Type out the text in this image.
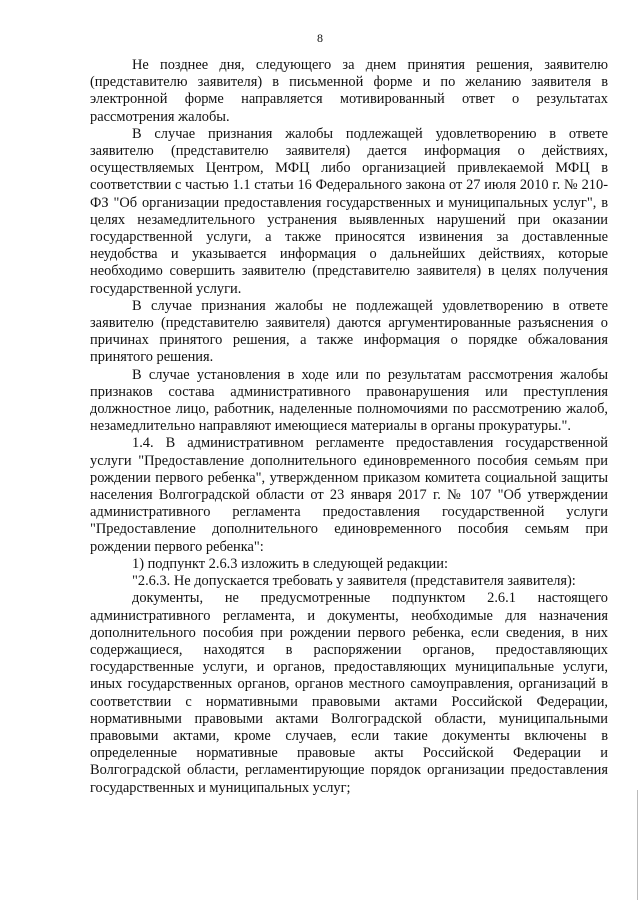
8

Не позднее дня, следующего за днем принятия решения, заявителю (представителю заявителя) в письменной форме и по желанию заявителя в электронной форме направляется мотивированный ответ о результатах рассмотрения жалобы.

В случае признания жалобы подлежащей удовлетворению в ответе заявителю (представителю заявителя) дается информация о действиях, осуществляемых Центром, МФЦ либо организацией привлекаемой МФЦ в соответствии с частью 1.1 статьи 16 Федерального закона от 27 июля 2010 г. № 210-ФЗ "Об организации предоставления государственных и муниципальных услуг", в целях незамедлительного устранения выявленных нарушений при оказании государственной услуги, а также приносятся извинения за доставленные неудобства и указывается информация о дальнейших действиях, которые необходимо совершить заявителю (представителю заявителя) в целях получения государственной услуги.

В случае признания жалобы не подлежащей удовлетворению в ответе заявителю (представителю заявителя) даются аргументированные разъяснения о причинах принятого решения, а также информация о порядке обжалования принятого решения.

В случае установления в ходе или по результатам рассмотрения жалобы признаков состава административного правонарушения или преступления должностное лицо, работник, наделенные полномочиями по рассмотрению жалоб, незамедлительно направляют имеющиеся материалы в органы прокуратуры.".

1.4. В административном регламенте предоставления государственной услуги "Предоставление дополнительного единовременного пособия семьям при рождении первого ребенка", утвержденном приказом комитета социальной защиты населения Волгоградской области от 23 января 2017 г. № 107 "Об утверждении административного регламента предоставления государственной услуги "Предоставление дополнительного единовременного пособия семьям при рождении первого ребенка":

1) подпункт 2.6.3 изложить в следующей редакции:

"2.6.3. Не допускается требовать у заявителя (представителя заявителя):

документы, не предусмотренные подпунктом 2.6.1 настоящего административного регламента, и документы, необходимые для назначения дополнительного пособия при рождении первого ребенка, если сведения, в них содержащиеся, находятся в распоряжении органов, предоставляющих государственные услуги, и органов, предоставляющих муниципальные услуги, иных государственных органов, органов местного самоуправления, организаций в соответствии с нормативными правовыми актами Российской Федерации, нормативными правовыми актами Волгоградской области, муниципальными правовыми актами, кроме случаев, если такие документы включены в определенные нормативные правовые акты Российской Федерации и Волгоградской области, регламентирующие порядок организации предоставления государственных и муниципальных услуг;
